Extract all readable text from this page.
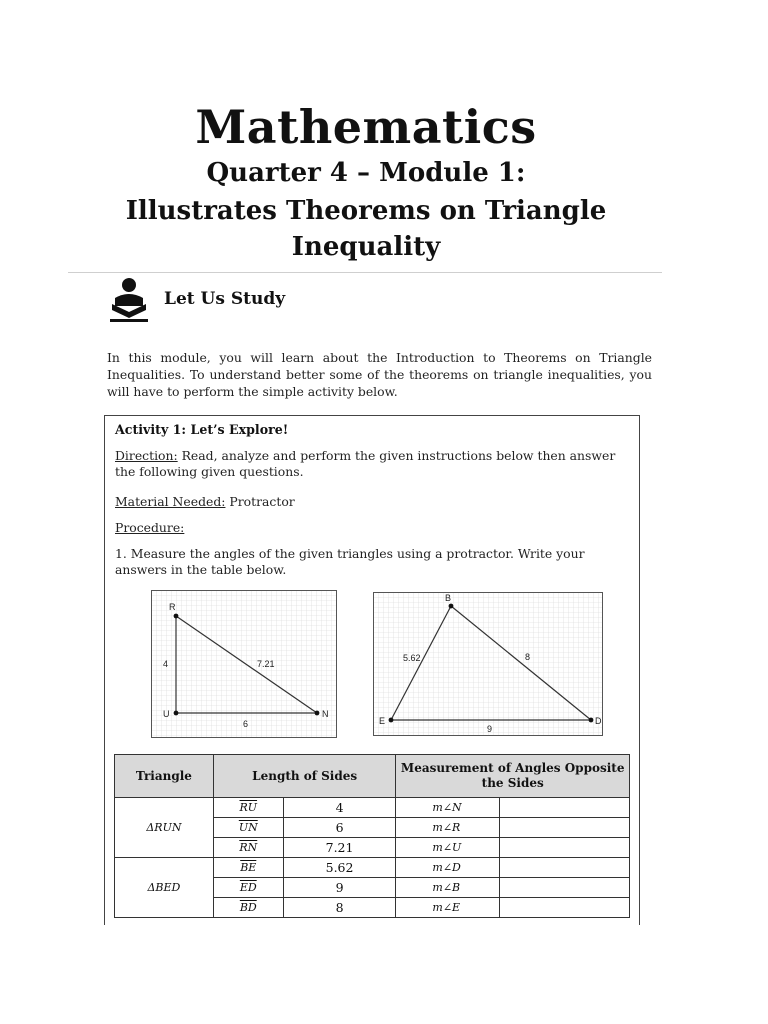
Mathematics
Quarter 4 – Module 1:
Illustrates Theorems on Triangle
Inequality
Let Us Study
In this module, you will learn about the Introduction to Theorems on Triangle Inequalities. To understand better some of the theorems on triangle inequalities, you will have to perform the simple activity below.
Activity 1: Let’s Explore!
Direction: Read, analyze and perform the given instructions below then answer the following given questions.
Material Needed: Protractor
Procedure:
1. Measure the angles of the given triangles using a protractor. Write your answers in the table below.
R
U	N
4	7.21
6
B
E	D
5.62	8
9
Triangle	Length of Sides		Measurement of Angles Opposite the Sides	
ΔRUN	$\overline{RU}$	4	m∠N	
	$\overline{UN}$	6	m∠R	
	$\overline{RN}$	7.21	m∠U	
ΔBED	$\overline{BE}$	5.62	m∠D	
	$\overline{ED}$	9	m∠B	
	$\overline{BD}$	8	m∠E	
